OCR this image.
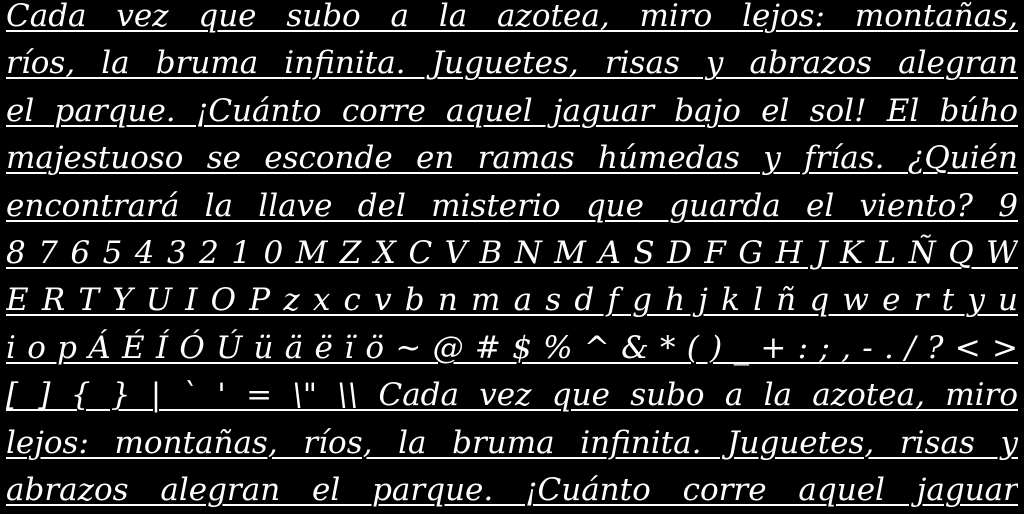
Cada vez que subo a la azotea, miro lejos: montañas,
ríos, la bruma infinita. Juguetes, risas y abrazos alegran
el parque. ¡Cuánto corre aquel jaguar bajo el sol! El búho
majestuoso se esconde en ramas húmedas y frías. ¿Quién
encontrará la llave del misterio que guarda el viento? 9
8 7 6 5 4 3 2 1 0 M Z X C V B N M A S D F G H J K L Ñ Q W
E R T Y U I O P z x c v b n m a s d f g h j k l ñ q w e r t y u
i o p Á É Í Ó Ú ü ä ë ï ö ~ @ # $ % ^ & * ( ) _ + : ; , - . / ? < >
[ ] { } | ` ' = \" \\ Cada vez que subo a la azotea, miro
lejos: montañas, ríos, la bruma infinita. Juguetes, risas y
abrazos alegran el parque. ¡Cuánto corre aquel jaguar
